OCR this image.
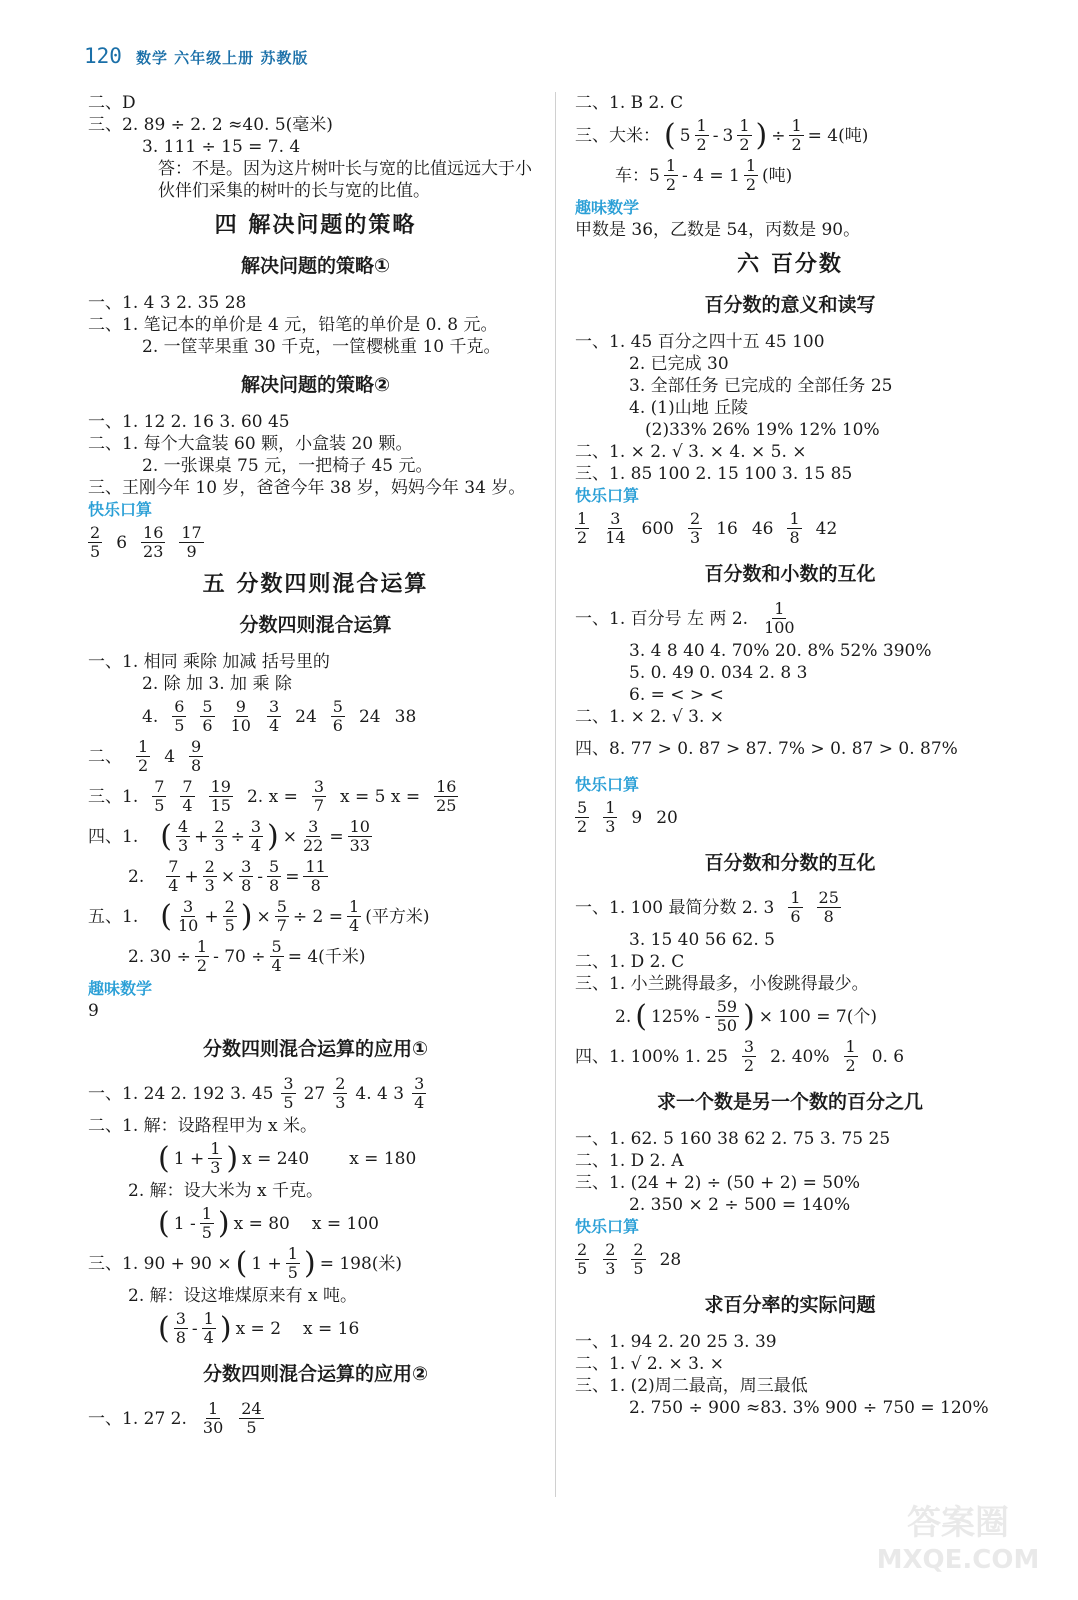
120 数学 六年级上册 苏教版
二、D
三、2. 89 ÷ 2. 2 ≈40. 5(毫米)
3. 111 ÷ 15 = 7. 4
答：不是。因为这片树叶长与宽的比值远远大于小伙伴们采集的树叶的长与宽的比值。
四 解决问题的策略
解决问题的策略①
一、1. 4 3 2. 35 28
二、1. 笔记本的单价是 4 元，铅笔的单价是 0. 8 元。
2. 一筐苹果重 30 千克，一筐樱桃重 10 千克。
解决问题的策略②
一、1. 12 2. 16 3. 60 45
二、1. 每个大盒装 60 颗，小盒装 20 颗。
2. 一张课桌 75 元，一把椅子 45 元。
三、王刚今年 10 岁，爸爸今年 38 岁，妈妈今年 34 岁。
快乐口算
2
5 6 16
23
17
9
五 分数四则混合运算
分数四则混合运算
一、1. 相同 乘除 加减 括号里的
2. 除 加 3. 加 乘 除
4. 6
5
5
6
9
10
3
4 24 5
6 24 38
二、 1
2 4 9
8
三、1. 7
5
7
4
19
15 2. $x = \frac{3}{7}$ x = 5 $x = \frac{16}{25}$
四、1. ( 4
$3 + \frac{2}{3} \div \frac{3}{4}$ ) × $\frac{3}{22} = \frac{10}{33}$
2. 7
$4 + \frac{2}{3} \times \frac{3}{8} - \frac{5}{8} = \frac{11}{8}$
五、1. ( 3
$10 + \frac{2}{5}$ ) × $\frac{5}{7} \div 2 = \frac{1}{4}$ (平方米)
2. $30 \div \frac{1}{2} - 70 \div \frac{5}{4} = 4$(千米)
趣味数学
9
分数四则混合运算的应用①
一、1. 24 2. 192 3. 45 3
5 27 2
3 4. 4 3 3
4
二、1. 解：设路程甲为 x 米。
( $1 + \frac{1}{3}$ ) x = 240 x = 180
2. 解：设大米为 x 千克。
( 1 - 1
5 ) x = 80 x = 100
三、1. 90 + 90 × ( $1 + \frac{1}{5}$ ) = 198(米)
2. 解：设这堆煤原来有 x 吨。
( 3
8 - 1
4 ) x = 2 x = 16
分数四则混合运算的应用②
一、1. 27 2. 1
30
24
5
二、1. B 2. C
三、大米： ( 5 1
2 - 3 1
2 ) ÷ $\frac{1}{2} = 4$(吨)
车：5 1
2 - 4 = 1 1
2 (吨)
趣味数学
甲数是 36，乙数是 54，丙数是 90。
六 百分数
百分数的意义和读写
一、1. 45 百分之四十五 45 100
2. 已完成 30
3. 全部任务 已完成的 全部任务 25
4. (1)山地 丘陵
(2)33% 26% 19% 12% 10%
二、1. × 2. √ 3. × 4. × 5. ×
三、1. 85 100 2. 15 100 3. 15 85
快乐口算
1
2
3
14 600 2
3 16 46 1
8 42
百分数和小数的互化
一、1. 百分号 左 两 2. 1
100
3. 4 8 40 4. 70% 20. 8% 52% 390%
5. 0. 49 0. 034 2. 8 3
6. = < > <
二、1. × 2. √ 3. ×
四、8. 77 > 0. 87 > 87. 7% > 0. 87 > 0. 87%
快乐口算
5
2
1
3 9 20
百分数和分数的互化
一、1. 100 最简分数 2. 3 1
6
25
8
3. 15 40 56 62. 5
二、1. D 2. C
三、1. 小兰跳得最多，小俊跳得最少。
2. ( 125% - 59
50 ) × 100 = 7(个)
四、1. 100% 1. 25 3
2 2. 40% 1
2 0. 6
求一个数是另一个数的百分之几
一、1. 62. 5 160 38 62 2. 75 3. 75 25
二、1. D 2. A
三、1. (24 + 2) ÷ (50 + 2) = 50%
2. 350 × 2 ÷ 500 = 140%
快乐口算
2
5
2
3
2
5 28
求百分率的实际问题
一、1. 94 2. 20 25 3. 39
二、1. √ 2. × 3. ×
三、1. (2)周二最高，周三最低
2. 750 ÷ 900 ≈83. 3% 900 ÷ 750 = 120%
答案圈
MXQE.COM
